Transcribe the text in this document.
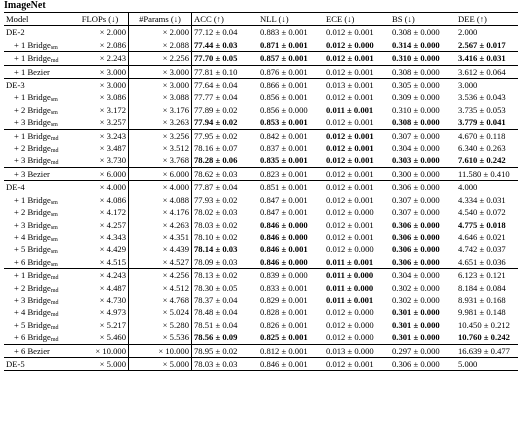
ImageNet
Model	FLOPs (↓)	#Params (↓)	ACC (↑)	NLL (↓)	ECE (↓)	BS (↓)	DEE (↑)
DE-2	× 2.000	× 2.000	77.12 ± 0.04	0.883 ± 0.001	0.012 ± 0.001	0.308 ± 0.000	2.000
+ 1 Bridge$_{sm}$	× 2.086	× 2.088	77.44 ± 0.03	0.871 ± 0.001	0.012 ± 0.000	0.314 ± 0.000	2.567 ± 0.017
+ 1 Bridge$_{md}$	× 2.243	× 2.256	77.70 ± 0.05	0.857 ± 0.001	0.012 ± 0.001	0.310 ± 0.000	3.416 ± 0.031
+ 1 Bezier	× 3.000	× 3.000	77.81 ± 0.10	0.876 ± 0.001	0.012 ± 0.001	0.308 ± 0.000	3.612 ± 0.064
DE-3	× 3.000	× 3.000	77.64 ± 0.04	0.866 ± 0.001	0.013 ± 0.001	0.305 ± 0.000	3.000
+ 1 Bridge$_{sm}$	× 3.086	× 3.088	77.77 ± 0.04	0.856 ± 0.001	0.012 ± 0.001	0.309 ± 0.000	3.536 ± 0.043
+ 2 Bridge$_{sm}$	× 3.172	× 3.176	77.89 ± 0.02	0.856 ± 0.000	0.011 ± 0.001	0.310 ± 0.000	3.735 ± 0.053
+ 3 Bridge$_{sm}$	× 3.257	× 3.263	77.94 ± 0.02	0.853 ± 0.001	0.012 ± 0.001	0.308 ± 0.000	3.779 ± 0.041
+ 1 Bridge$_{md}$	× 3.243	× 3.256	77.95 ± 0.02	0.842 ± 0.001	0.012 ± 0.001	0.307 ± 0.000	4.670 ± 0.118
+ 2 Bridge$_{md}$	× 3.487	× 3.512	78.16 ± 0.07	0.837 ± 0.001	0.012 ± 0.001	0.304 ± 0.000	6.340 ± 0.263
+ 3 Bridge$_{md}$	× 3.730	× 3.768	78.28 ± 0.06	0.835 ± 0.001	0.012 ± 0.001	0.303 ± 0.000	7.610 ± 0.242
+ 3 Bezier	× 6.000	× 6.000	78.62 ± 0.03	0.823 ± 0.001	0.012 ± 0.001	0.300 ± 0.000	11.580 ± 0.410
DE-4	× 4.000	× 4.000	77.87 ± 0.04	0.851 ± 0.001	0.012 ± 0.001	0.306 ± 0.000	4.000
+ 1 Bridge$_{sm}$	× 4.086	× 4.088	77.93 ± 0.02	0.847 ± 0.001	0.012 ± 0.001	0.307 ± 0.000	4.334 ± 0.031
+ 2 Bridge$_{sm}$	× 4.172	× 4.176	78.02 ± 0.03	0.847 ± 0.001	0.012 ± 0.000	0.307 ± 0.000	4.540 ± 0.072
+ 3 Bridge$_{sm}$	× 4.257	× 4.263	78.03 ± 0.02	0.846 ± 0.000	0.012 ± 0.001	0.306 ± 0.000	4.775 ± 0.018
+ 4 Bridge$_{sm}$	× 4.343	× 4.351	78.10 ± 0.02	0.846 ± 0.000	0.012 ± 0.001	0.306 ± 0.000	4.646 ± 0.021
+ 5 Bridge$_{sm}$	× 4.429	× 4.439	78.14 ± 0.03	0.846 ± 0.001	0.012 ± 0.000	0.306 ± 0.000	4.742 ± 0.037
+ 6 Bridge$_{sm}$	× 4.515	× 4.527	78.09 ± 0.03	0.846 ± 0.000	0.011 ± 0.001	0.306 ± 0.000	4.651 ± 0.036
+ 1 Bridge$_{md}$	× 4.243	× 4.256	78.13 ± 0.02	0.839 ± 0.000	0.011 ± 0.000	0.304 ± 0.000	6.123 ± 0.121
+ 2 Bridge$_{md}$	× 4.487	× 4.512	78.30 ± 0.05	0.833 ± 0.001	0.011 ± 0.000	0.302 ± 0.000	8.184 ± 0.084
+ 3 Bridge$_{md}$	× 4.730	× 4.768	78.37 ± 0.04	0.829 ± 0.001	0.011 ± 0.001	0.302 ± 0.000	8.931 ± 0.168
+ 4 Bridge$_{md}$	× 4.973	× 5.024	78.48 ± 0.04	0.828 ± 0.001	0.012 ± 0.000	0.301 ± 0.000	9.981 ± 0.148
+ 5 Bridge$_{md}$	× 5.217	× 5.280	78.51 ± 0.04	0.826 ± 0.001	0.012 ± 0.000	0.301 ± 0.000	10.450 ± 0.212
+ 6 Bridge$_{md}$	× 5.460	× 5.536	78.56 ± 0.09	0.825 ± 0.001	0.012 ± 0.000	0.301 ± 0.000	10.760 ± 0.242
+ 6 Bezier	× 10.000	× 10.000	78.95 ± 0.02	0.812 ± 0.001	0.013 ± 0.000	0.297 ± 0.000	16.639 ± 0.477
DE-5	× 5.000	× 5.000	78.03 ± 0.03	0.846 ± 0.001	0.012 ± 0.001	0.306 ± 0.000	5.000
